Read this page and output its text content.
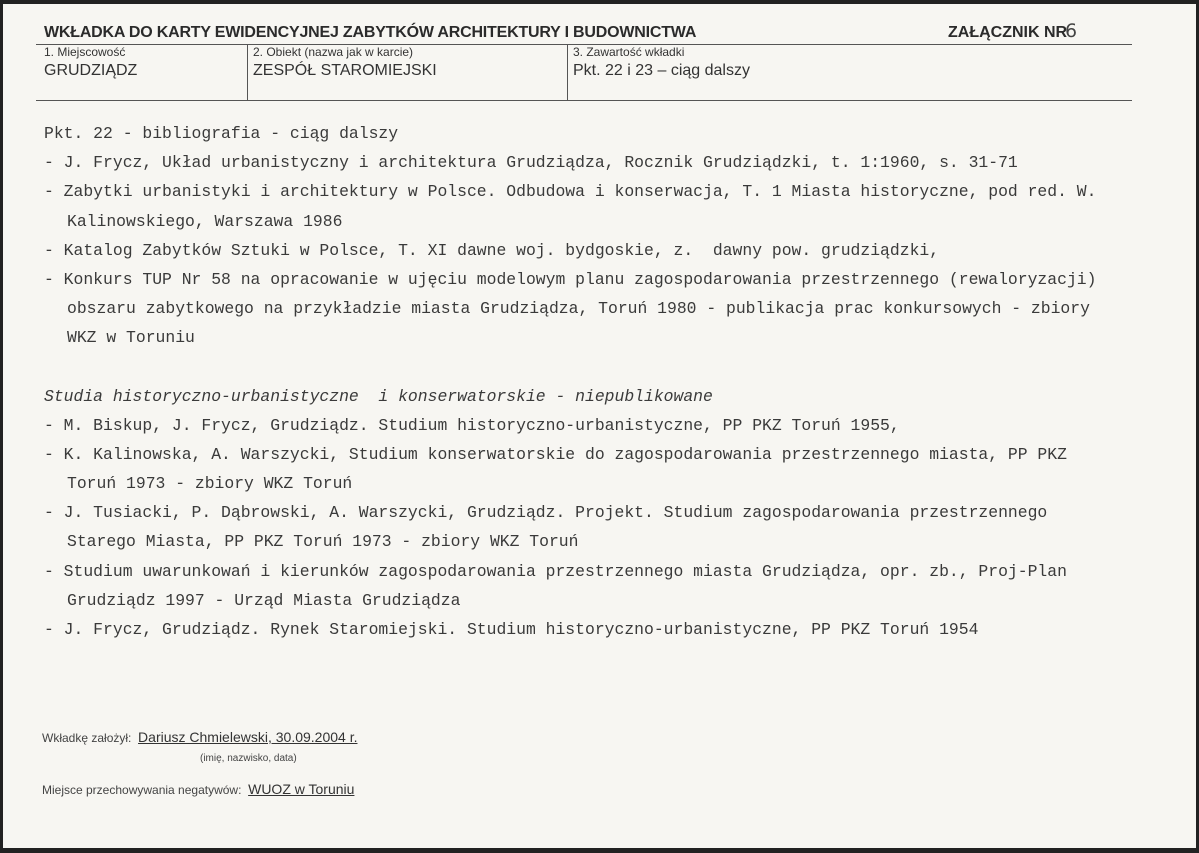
WKŁADKA DO KARTY EWIDENCYJNEJ ZABYTKÓW ARCHITEKTURY I BUDOWNICTWA	ZAŁĄCZNIK NR
6
1. Miejscowość
GRUDZIĄDZ
2. Obiekt (nazwa jak w karcie)
ZESPÓŁ STAROMIEJSKI
3. Zawartość wkładki
Pkt. 22 i 23 – ciąg dalszy
Pkt. 22 - bibliografia - ciąg dalszy
- J. Frycz, Układ urbanistyczny i architektura Grudziądza, Rocznik Grudziądzki, t. 1:1960, s. 31-71
- Zabytki urbanistyki i architektury w Polsce. Odbudowa i konserwacja, T. 1 Miasta historyczne, pod red. W.
Kalinowskiego, Warszawa 1986
- Katalog Zabytków Sztuki w Polsce, T. XI dawne woj. bydgoskie, z.  dawny pow. grudziądzki,
- Konkurs TUP Nr 58 na opracowanie w ujęciu modelowym planu zagospodarowania przestrzennego (rewaloryzacji)
obszaru zabytkowego na przykładzie miasta Grudziądza, Toruń 1980 - publikacja prac konkursowych - zbiory
WKZ w Toruniu
Studia historyczno-urbanistyczne  i konserwatorskie - niepublikowane
- M. Biskup, J. Frycz, Grudziądz. Studium historyczno-urbanistyczne, PP PKZ Toruń 1955,
- K. Kalinowska, A. Warszycki, Studium konserwatorskie do zagospodarowania przestrzennego miasta, PP PKZ
Toruń 1973 - zbiory WKZ Toruń
- J. Tusiacki, P. Dąbrowski, A. Warszycki, Grudziądz. Projekt. Studium zagospodarowania przestrzennego
Starego Miasta, PP PKZ Toruń 1973 - zbiory WKZ Toruń
- Studium uwarunkowań i kierunków zagospodarowania przestrzennego miasta Grudziądza, opr. zb., Proj-Plan
Grudziądz 1997 - Urząd Miasta Grudziądza
- J. Frycz, Grudziądz. Rynek Staromiejski. Studium historyczno-urbanistyczne, PP PKZ Toruń 1954
Wkładkę założył: Dariusz Chmielewski, 30.09.2004 r.
(imię, nazwisko, data)
Miejsce przechowywania negatywów: WUOZ w Toruniu
